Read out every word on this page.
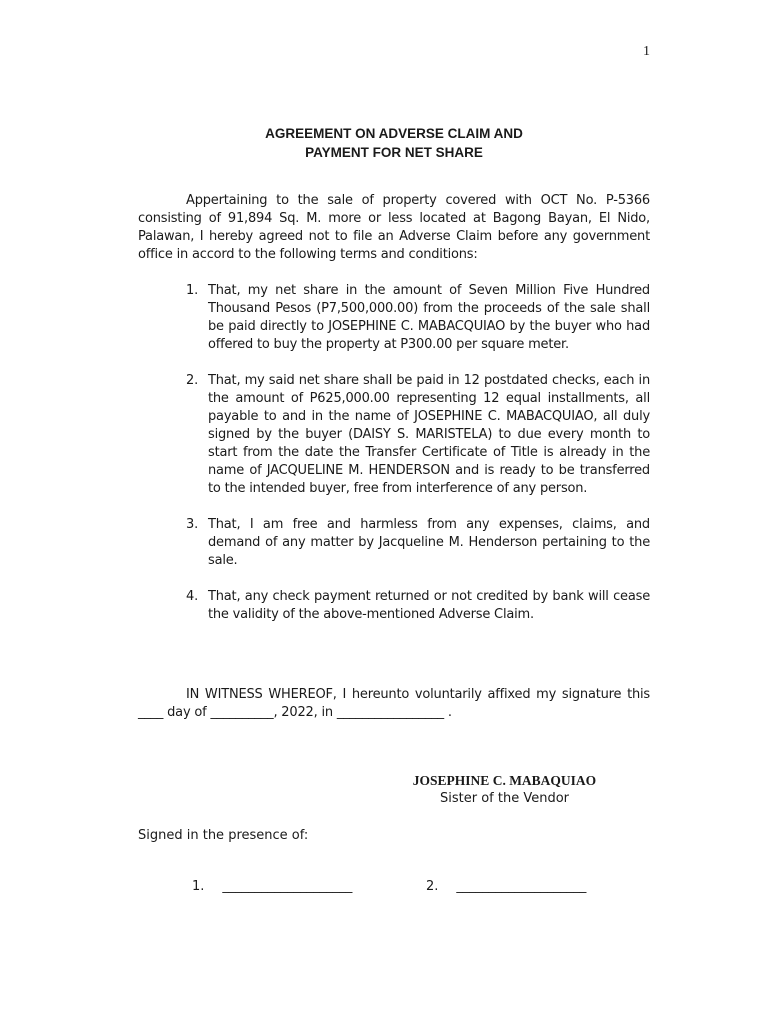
1
AGREEMENT ON ADVERSE CLAIM AND
PAYMENT FOR NET SHARE
Appertaining to the sale of property covered with OCT No. P-5366 consisting of 91,894 Sq. M. more or less located at Bagong Bayan, El Nido, Palawan, I hereby agreed not to file an Adverse Claim before any government office in accord to the following terms and conditions:
1. That, my net share in the amount of Seven Million Five Hundred Thousand Pesos (P7,500,000.00) from the proceeds of the sale shall be paid directly to JOSEPHINE C. MABACQUIAO by the buyer who had offered to buy the property at P300.00 per square meter.
2. That, my said net share shall be paid in 12 postdated checks, each in the amount of P625,000.00 representing 12 equal installments, all payable to and in the name of JOSEPHINE C. MABACQUIAO, all duly signed by the buyer (DAISY S. MARISTELA) to due every month to start from the date the Transfer Certificate of Title is already in the name of JACQUELINE M. HENDERSON and is ready to be transferred to the intended buyer, free from interference of any person.
3. That, I am free and harmless from any expenses, claims, and demand of any matter by Jacqueline M. Henderson pertaining to the sale.
4. That, any check payment returned or not credited by bank will cease the validity of the above-mentioned Adverse Claim.
IN WITNESS WHEREOF, I hereunto voluntarily affixed my signature this ____ day of __________, 2022, in _________________ .
JOSEPHINE C. MABAQUIAO
Sister of the Vendor
Signed in the presence of:
1. ____________________	2. ____________________
